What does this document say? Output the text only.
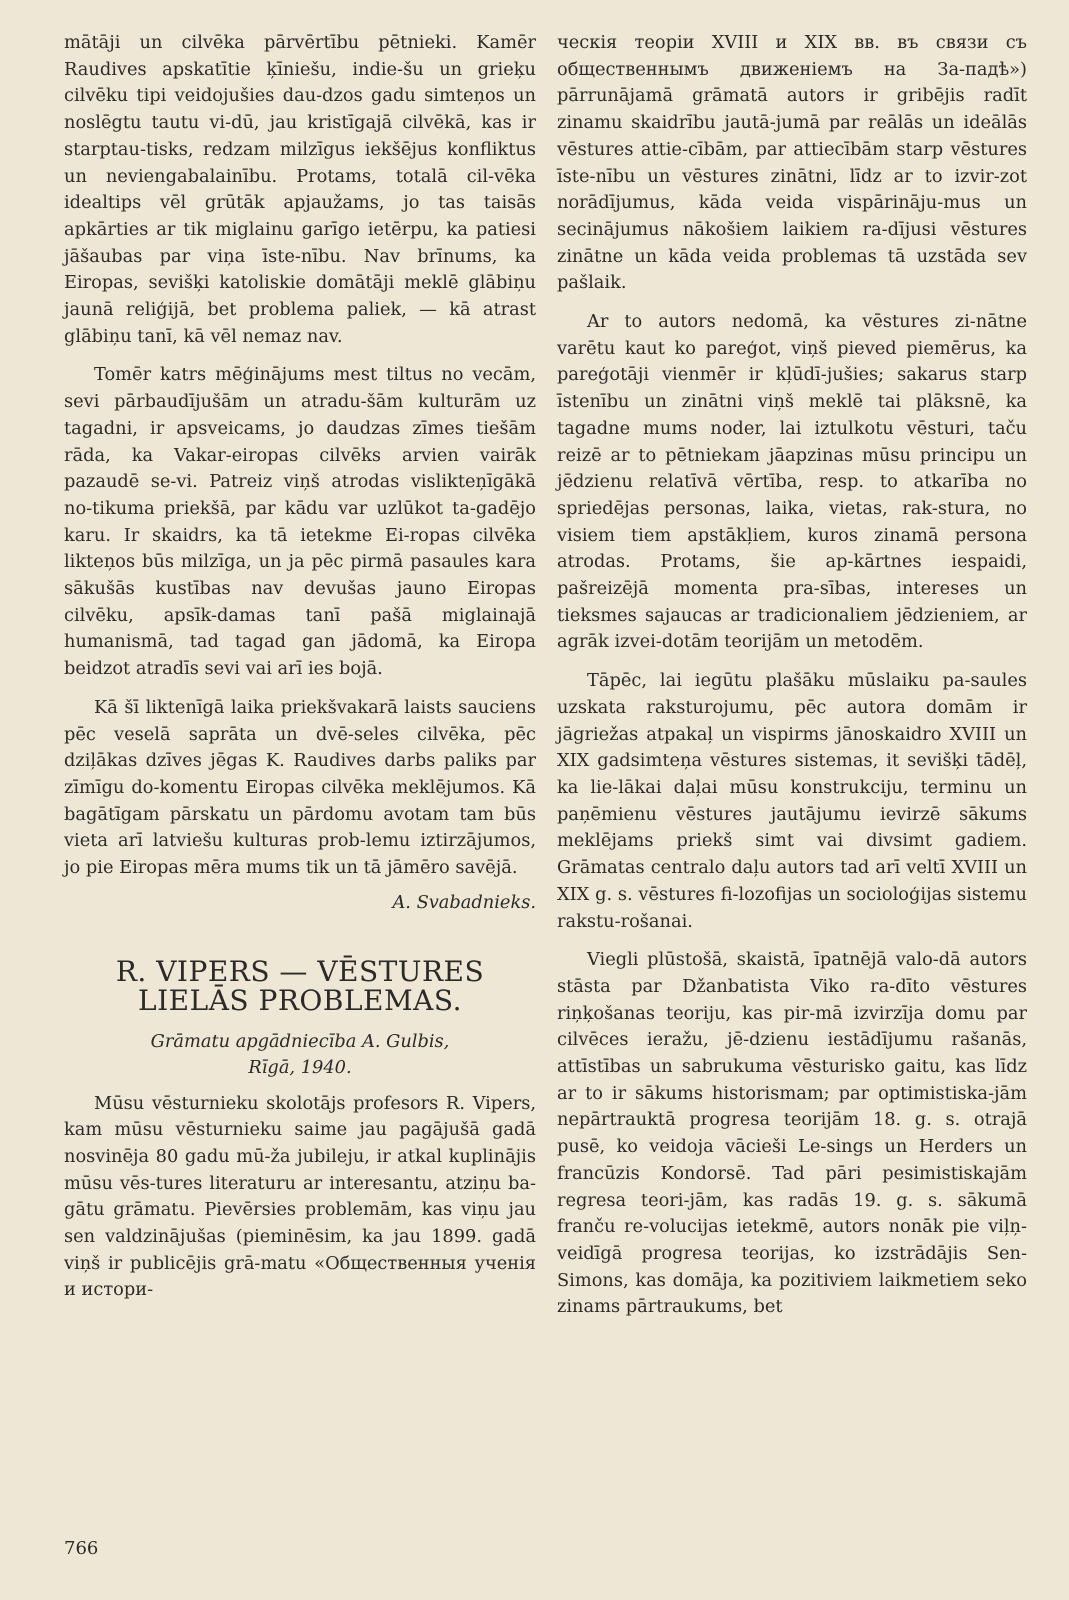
mātāji un cilvēka pārvērtību pētnieki. Kamēr Raudives apskatītie ķīniešu, indie-šu un grieķu cilvēku tipi veidojušies dau-dzos gadu simteņos un noslēgtu tautu vi-dū, jau kristīgajā cilvēkā, kas ir starptau-tisks, redzam milzīgus iekšējus konfliktus un neviengabalainību. Protams, totalā cil-vēka idealtips vēl grūtāk apjaužams, jo tas taisās apkārties ar tik miglainu garīgo ietērpu, ka patiesi jāšaubas par viņa īste-nību. Nav brīnums, ka Eiropas, sevišķi katoliskie domātāji meklē glābiņu jaunā reliģijā, bet problema paliek, — kā atrast glābiņu tanī, kā vēl nemaz nav.

Tomēr katrs mēģinājums mest tiltus no vecām, sevi pārbaudījušām un atradu-šām kulturām uz tagadni, ir apsveicams, jo daudzas zīmes tiešām rāda, ka Vakar-eiropas cilvēks arvien vairāk pazaudē se-vi. Patreiz viņš atrodas vislikteņīgākā no-tikuma priekšā, par kādu var uzlūkot ta-gadējo karu. Ir skaidrs, ka tā ietekme Ei-ropas cilvēka likteņos būs milzīga, un ja pēc pirmā pasaules kara sākušās kustības nav devušas jauno Eiropas cilvēku, apsīk-damas tanī pašā miglainajā humanismā, tad tagad gan jādomā, ka Eiropa beidzot atradīs sevi vai arī ies bojā.

Kā šī liktenīgā laika priekšvakarā laists sauciens pēc veselā saprāta un dvē-seles cilvēka, pēc dziļākas dzīves jēgas K. Raudives darbs paliks par zīmīgu do-komentu Eiropas cilvēka meklējumos. Kā bagātīgam pārskatu un pārdomu avotam tam būs vieta arī latviešu kulturas prob-lemu iztirzājumos, jo pie Eiropas mēra mums tik un tā jāmēro savējā.

A. Svabadnieks.

R. VIPERS — VĒSTURES LIELĀS PROBLEMAS.
Grāmatu apgādniecība A. Gulbis,
Rīgā, 1940.

Mūsu vēsturnieku skolotājs profesors R. Vipers, kam mūsu vēsturnieku saime jau pagājušā gadā nosvinēja 80 gadu mū-ža jubileju, ir atkal kuplinājis mūsu vēs-tures literaturu ar interesantu, atziņu ba-gātu grāmatu. Pievērsies problemām, kas viņu jau sen valdzinājušas (pieminēsim, ka jau 1899. gadā viņš ir publicējis grā-matu «Общественныя ученія и истори-

ческія теоріи XVIII и XIX вв. въ связи съ общественнымъ движеніемъ на За-падѣ») pārrunājamā grāmatā autors ir gribējis radīt zinamu skaidrību jautā-jumā par reālās un ideālās vēstures attie-cībām, par attiecībām starp vēstures īste-nību un vēstures zinātni, līdz ar to izvir-zot norādījumus, kāda veida vispārināju-mus un secinājumus nākošiem laikiem ra-dījusi vēstures zinātne un kāda veida problemas tā uzstāda sev pašlaik.

Ar to autors nedomā, ka vēstures zi-nātne varētu kaut ko pareģot, viņš pieved piemērus, ka pareģotāji vienmēr ir kļūdī-jušies; sakarus starp īstenību un zinātni viņš meklē tai plāksnē, ka tagadne mums noder, lai iztulkotu vēsturi, taču reizē ar to pētniekam jāapzinas mūsu principu un jēdzienu relatīvā vērtība, resp. to atkarība no spriedējas personas, laika, vietas, rak-stura, no visiem tiem apstākļiem, kuros zinamā persona atrodas. Protams, šie ap-kārtnes iespaidi, pašreizējā momenta pra-sības, intereses un tieksmes sajaucas ar tradicionaliem jēdzieniem, ar agrāk izvei-dotām teorijām un metodēm.

Tāpēc, lai iegūtu plašāku mūslaiku pa-saules uzskata raksturojumu, pēc autora domām ir jāgriežas atpakaļ un vispirms jānoskaidro XVIII un XIX gadsimteņa vēstures sistemas, it sevišķi tādēļ, ka lie-lākai daļai mūsu konstrukciju, terminu un paņēmienu vēstures jautājumu ievirzē sākums meklējams priekš simt vai divsimt gadiem. Grāmatas centralo daļu autors tad arī veltī XVIII un XIX g. s. vēstures fi-lozofijas un socioloģijas sistemu rakstu-rošanai.

Viegli plūstošā, skaistā, īpatnējā valo-dā autors stāsta par Džanbatista Viko ra-dīto vēstures riņķošanas teoriju, kas pir-mā izvirzīja domu par cilvēces ieražu, jē-dzienu iestādījumu rašanās, attīstības un sabrukuma vēsturisko gaitu, kas līdz ar to ir sākums historismam; par optimistiska-jām nepārtrauktā progresa teorijām 18. g. s. otrajā pusē, ko veidoja vācieši Le-sings un Herders un francūzis Kondorsē. Tad pāri pesimistiskajām regresa teori-jām, kas radās 19. g. s. sākumā franču re-volucijas ietekmē, autors nonāk pie viļņ-veidīgā progresa teorijas, ko izstrādājis Sen-Simons, kas domāja, ka pozitiviem laikmetiem seko zinams pārtraukums, bet

766
